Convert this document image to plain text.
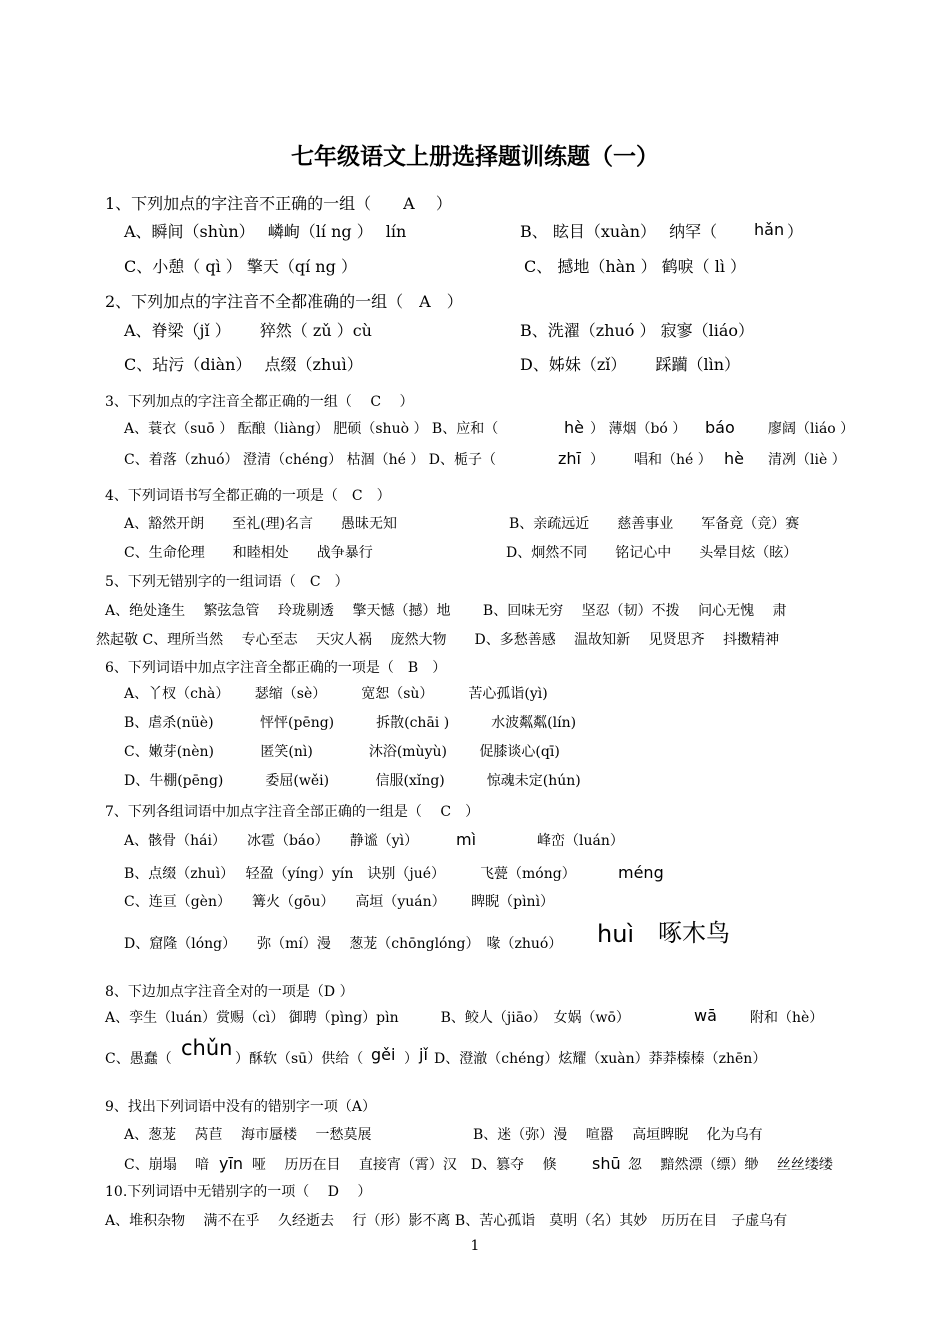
七年级语文上册选择题训练题（一）
1、下列加点的字注音不正确的一组（　　A　 ）
A、瞬间（shùn）　 嶙峋（lí ng ）　 lín	B、 眩目（xuàn）　 纳罕（ hǎn ）
C、小憩（ qì ） 擎天（qí ng ）	C、 撼地（hàn ） 鹤唳（ lì ）
2、下列加点的字注音不全都准确的一组（　A　）
A、脊梁（jǐ ）　　 猝然（ zǔ ）cù	B、洗濯（zhuó ） 寂寥（liáo）
C、玷污（diàn）　 点缀（zhuì）	D、姊妹（zǐ）　　 踩躏（lìn）
3、下列加点的字注音全都正确的一组（　 C　 ）
A、蓑衣（suō ） 酝酿（liàng） 肥硕（shuò ） B、应和（	hè ） 薄烟（bó ） báo 廖阔（liáo ）
C、着落（zhuó） 澄清（chéng） 枯涸（hé ） D、栀子（	zhī ） 唱和（hé ） hè 清冽（liè ）
4、下列词语书写全都正确的一项是（　C　）
A、豁然开朗　　至礼(理)名言　　愚昧无知	B、亲疏远近　　慈善事业　　军备竟（竞）赛
C、生命伦理　　和睦相处　　战争暴行	D、炯然不同　　铭记心中　　头晕目炫（眩）
5、下列无错别字的一组词语（　C　）
A、绝处逢生　 繁弦急管　 玲珑剔透　 擎天憾（撼）地　　 B、回味无穷　 坚忍（韧）不拨　 问心无愧　 肃
然起敬 C、理所当然　 专心至志　 天灾人祸　 庞然大物　　D、多愁善感　 温故知新　 见贤思齐　 抖擞精神
6、下列词语中加点字注音全都正确的一项是（　B　）
A、丫杈（chà）　　 瑟缩（sè）　　　宽恕（sù）　　　苦心孤诣(yì)
B、虐杀(nüè)　　　 怦怦(pēng)　　　拆散(chāi )　　　水波粼粼(lín)
C、嫩芽(nèn)　　　 匿笑(nì)　　　　沐浴(mùyù)　　 促膝谈心(qī)
D、牛棚(pēng)　　　委屈(wěi)　　　 信服(xǐng)　　　惊魂未定(hún)
7、下列各组词语中加点字注音全部正确的一组是（　 C　）
A、骸骨（hái）　　冰雹（báo）　　静谧（yì） mì	峰峦（luán）
B、点缀（zhuì）　 轻盈（yíng）yín　诀别（jué）　　　飞甍（móng）	méng
C、连亘（gèn）　　篝火（gōu）　　高垣（yuán）　　 睥睨（pìnì）
D、窟隆（lóng）　　弥（mí）漫　 葱茏（chōnglóng）　喙（zhuó） huì 啄木鸟
8、下边加点字注音全对的一项是（D ）
A、孪生（luán）赏赐（cì） 御聘（pìng）pìn　　　B、鲛人（jiāo）　女娲（wō）	wā 附和（hè）
C、愚蠢（ chǔn ）酥软（sū）供给（ gěi ） jǐ D、澄澈（chéng）炫耀（xuàn）莽莽榛榛（zhēn）
9、找出下列词语中没有的错别字一项（A）
A、葱茏　 莴苣　 海市蜃楼　 一愁莫展	B、迷（弥）漫　 喧嚣　 高垣睥睨　 化为乌有
C、崩塌　 喑 yīn 哑　 历历在目　 直接宵（霄）汉　D、篡夺　 倏 shū 忽　 黯然漂（缥）缈　 丝丝缕缕
10.下列词语中无错别字的一项（　 D　 ）
A、堆积杂物　 满不在乎　 久经逝去　 行（形）影不离 B、苦心孤诣　莫明（名）其妙　历历在目　子虚乌有
1
